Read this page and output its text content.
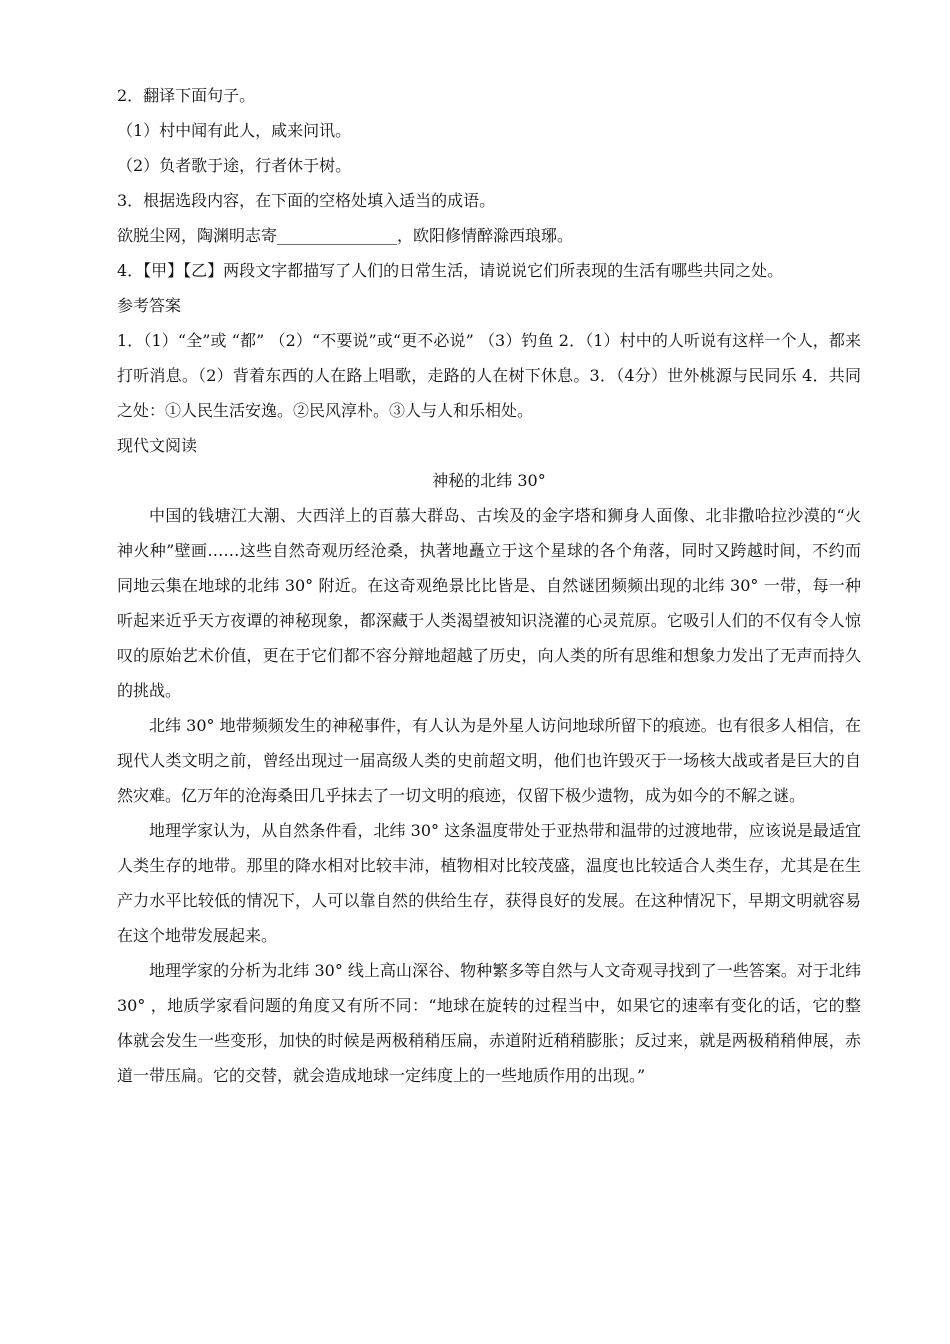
2．翻译下面句子。

（1）村中闻有此人，咸来问讯。

（2）负者歌于途，行者休于树。

3．根据选段内容，在下面的空格处填入适当的成语。

欲脱尘网，陶渊明志寄_______________，欧阳修情醉滁西琅琊。

4．【甲】【乙】两段文字都描写了人们的日常生活，请说说它们所表现的生活有哪些共同之处。

参考答案

1．（1）“全”或 “都” （2）“不要说”或“更不必说” （3）钓鱼 2．（1）村中的人听说有这样一个人，都来打听消息。（2）背着东西的人在路上唱歌，走路的人在树下休息。3．（4分）世外桃源与民同乐 4．共同之处：①人民生活安逸。②民风淳朴。③人与人和乐相处。

现代文阅读

神秘的北纬 30°

中国的钱塘江大潮、大西洋上的百慕大群岛、古埃及的金字塔和狮身人面像、北非撒哈拉沙漠的“火神火种”壁画……这些自然奇观历经沧桑，执著地矗立于这个星球的各个角落，同时又跨越时间，不约而同地云集在地球的北纬 30° 附近。在这奇观绝景比比皆是、自然谜团频频出现的北纬 30° 一带，每一种听起来近乎天方夜谭的神秘现象，都深藏于人类渴望被知识浇灌的心灵荒原。它吸引人们的不仅有令人惊叹的原始艺术价值，更在于它们都不容分辩地超越了历史，向人类的所有思维和想象力发出了无声而持久的挑战。

北纬 30° 地带频频发生的神秘事件，有人认为是外星人访问地球所留下的痕迹。也有很多人相信，在现代人类文明之前，曾经出现过一届高级人类的史前超文明，他们也许毁灭于一场核大战或者是巨大的自然灾难。亿万年的沧海桑田几乎抹去了一切文明的痕迹，仅留下极少遗物，成为如今的不解之谜。

地理学家认为，从自然条件看，北纬 30° 这条温度带处于亚热带和温带的过渡地带，应该说是最适宜人类生存的地带。那里的降水相对比较丰沛，植物相对比较茂盛，温度也比较适合人类生存，尤其是在生产力水平比较低的情况下，人可以靠自然的供给生存，获得良好的发展。在这种情况下，早期文明就容易在这个地带发展起来。

地理学家的分析为北纬 30° 线上高山深谷、物种繁多等自然与人文奇观寻找到了一些答案。对于北纬 30° ，地质学家看问题的角度又有所不同：“地球在旋转的过程当中，如果它的速率有变化的话，它的整体就会发生一些变形，加快的时候是两极稍稍压扁，赤道附近稍稍膨胀；反过来，就是两极稍稍伸展，赤道一带压扁。它的交替，就会造成地球一定纬度上的一些地质作用的出现。”
